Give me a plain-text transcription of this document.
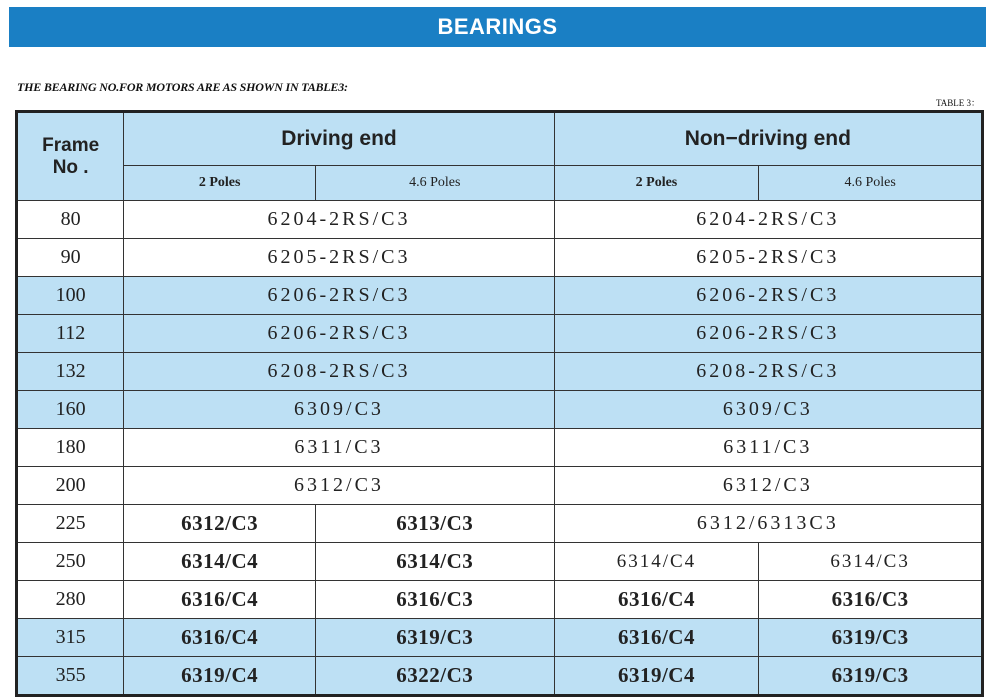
BEARINGS
THE BEARING NO.FOR MOTORS ARE AS SHOWN IN TABLE3:
TABLE 3：
Frame No .	Driving end		Non−driving end	
	2 Poles	4.6 Poles	2 Poles	4.6 Poles
80	6204-2RS/C3		6204-2RS/C3	
90	6205-2RS/C3		6205-2RS/C3	
100	6206-2RS/C3		6206-2RS/C3	
112	6206-2RS/C3		6206-2RS/C3	
132	6208-2RS/C3		6208-2RS/C3	
160	6309/C3		6309/C3	
180	6311/C3		6311/C3	
200	6312/C3		6312/C3	
225	6312/C3	6313/C3	6312/6313C3	
250	6314/C4	6314/C3	6314/C4	6314/C3
280	6316/C4	6316/C3	6316/C4	6316/C3
315	6316/C4	6319/C3	6316/C4	6319/C3
355	6319/C4	6322/C3	6319/C4	6319/C3
